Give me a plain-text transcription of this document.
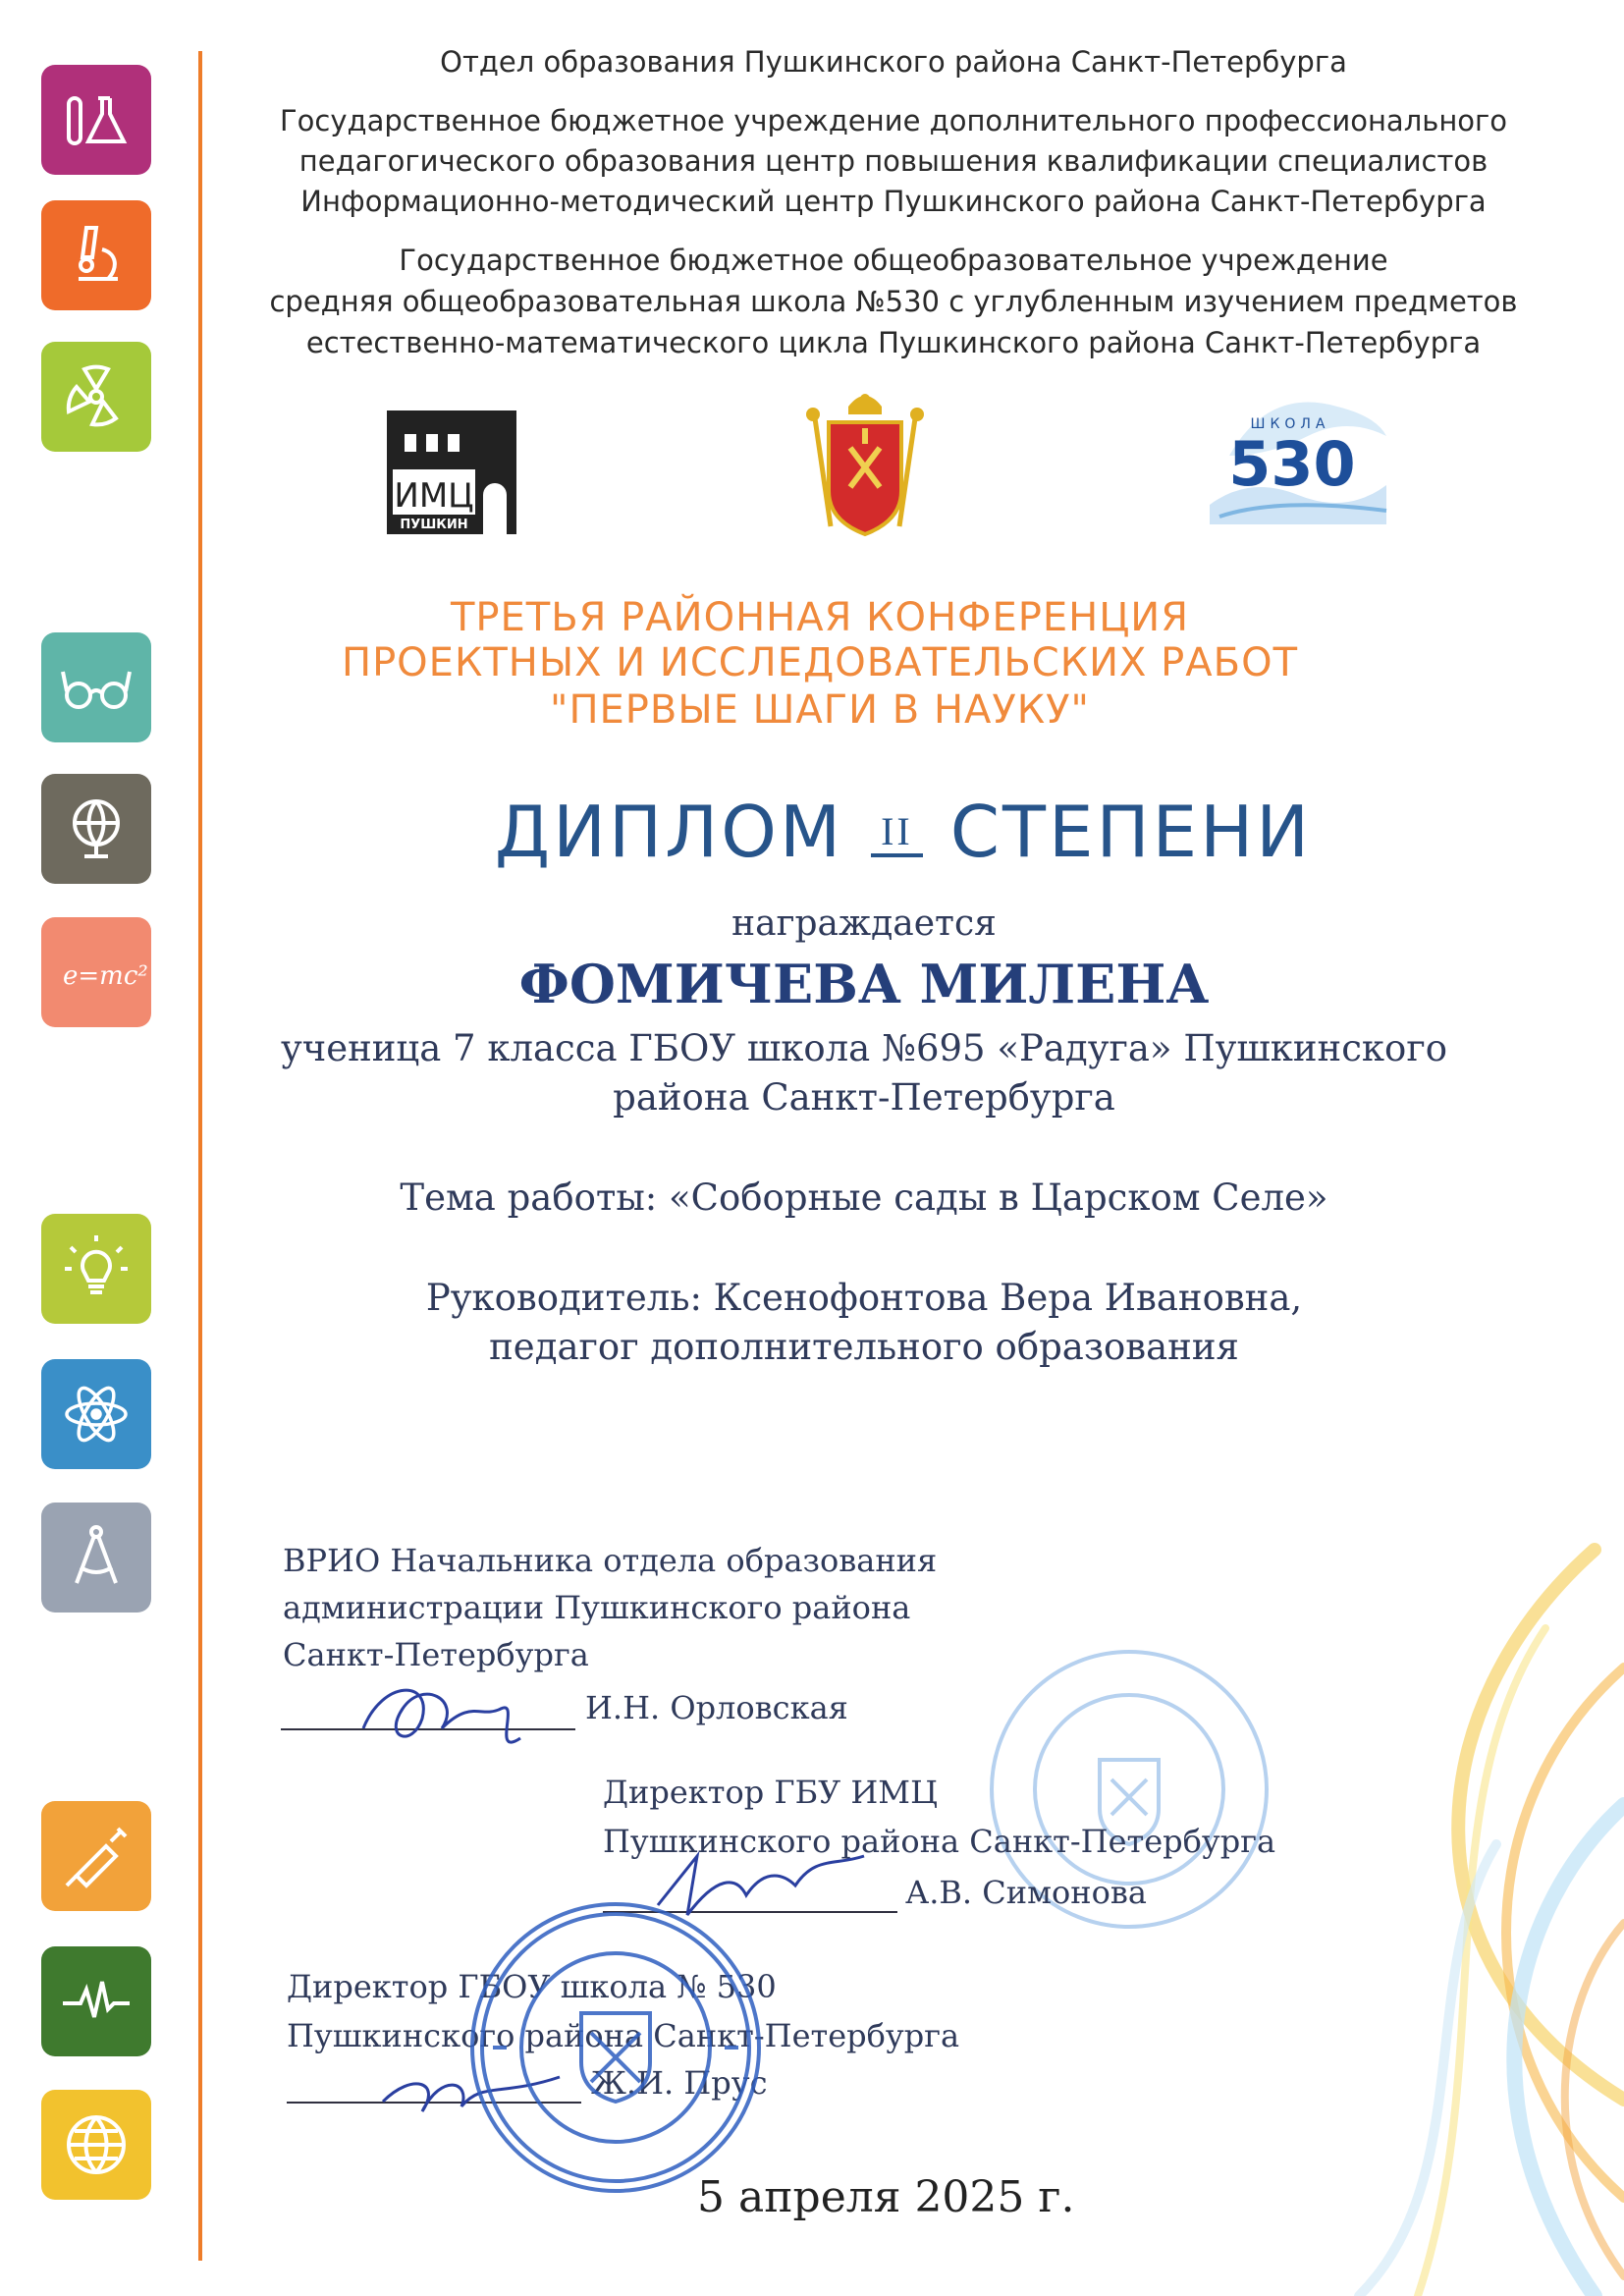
e=mc²
Отдел образования Пушкинского района Санкт-Петербурга
Государственное бюджетное учреждение дополнительного профессионального
педагогического образования центр повышения квалификации специалистов
Информационно-методический центр Пушкинского района Санкт-Петербурга
Государственное бюджетное общеобразовательное учреждение
средняя общеобразовательная школа №530 с углубленным изучением предметов
естественно-математического цикла Пушкинского района Санкт-Петербурга
ИМЦ
ПУШКИН
ШКОЛА
530
ТРЕТЬЯ РАЙОННАЯ КОНФЕРЕНЦИЯ
ПРОЕКТНЫХ И ИССЛЕДОВАТЕЛЬСКИХ РАБОТ
"ПЕРВЫЕ ШАГИ В НАУКУ"
ДИПЛОМ II СТЕПЕНИ
награждается
ФОМИЧЕВА МИЛЕНА
ученица 7 класса ГБОУ школа №695 «Радуга» Пушкинского
района Санкт-Петербурга
Тема работы: «Соборные сады в Царском Селе»
Руководитель: Ксенофонтова Вера Ивановна,
педагог дополнительного образования
ВРИО Начальника отдела образования
администрации Пушкинского района
Санкт-Петербурга
И.Н. Орловская
Директор ГБУ ИМЦ
Пушкинского района Санкт-Петербурга
А.В. Симонова
Директор ГБОУ школа № 530
Пушкинского района Санкт-Петербурга
Ж.И. Прус
5 апреля 2025 г.
